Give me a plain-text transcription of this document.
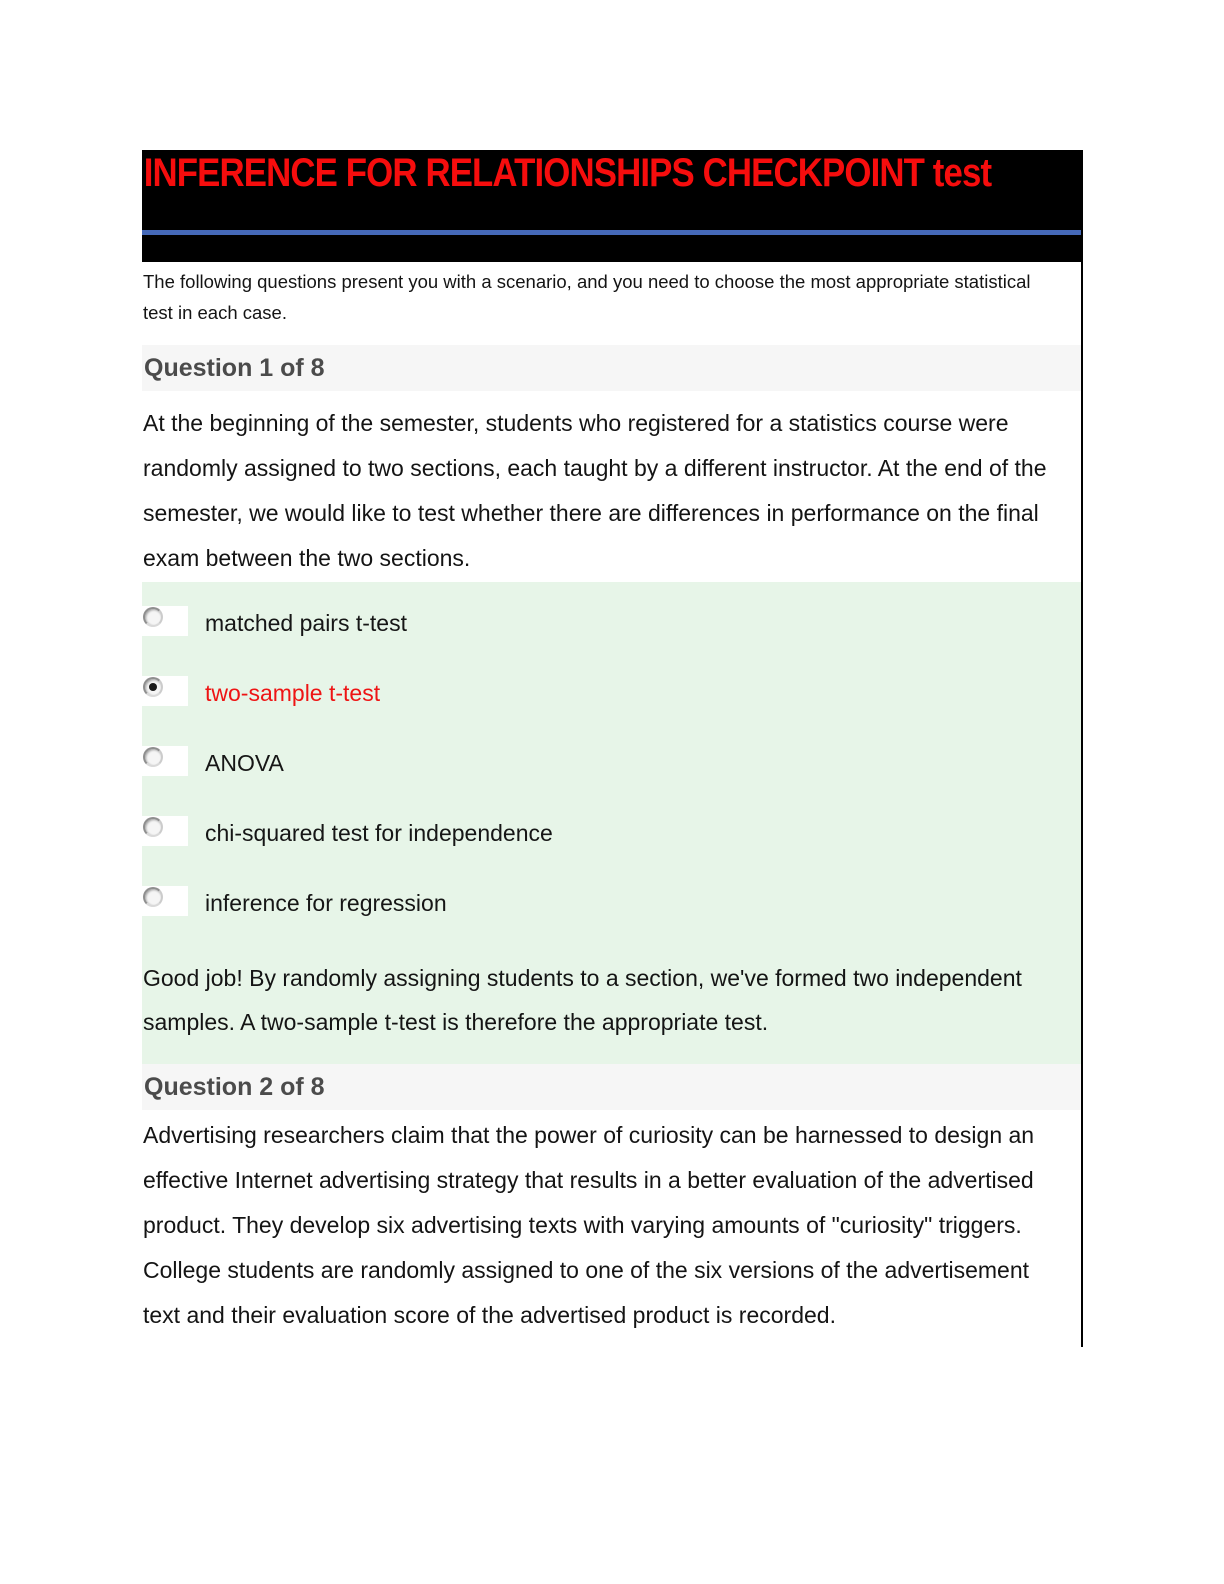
INFERENCE FOR RELATIONSHIPS CHECKPOINT test

The following questions present you with a scenario, and you need to choose the most appropriate statistical test in each case.

Question 1 of 8

At the beginning of the semester, students who registered for a statistics course were randomly assigned to two sections, each taught by a different instructor. At the end of the semester, we would like to test whether there are differences in performance on the final exam between the two sections.

matched pairs t-test
two-sample t-test
ANOVA
chi-squared test for independence
inference for regression

Good job! By randomly assigning students to a section, we've formed two independent samples. A two-sample t-test is therefore the appropriate test.

Question 2 of 8

Advertising researchers claim that the power of curiosity can be harnessed to design an effective Internet advertising strategy that results in a better evaluation of the advertised product. They develop six advertising texts with varying amounts of "curiosity" triggers. College students are randomly assigned to one of the six versions of the advertisement text and their evaluation score of the advertised product is recorded.
